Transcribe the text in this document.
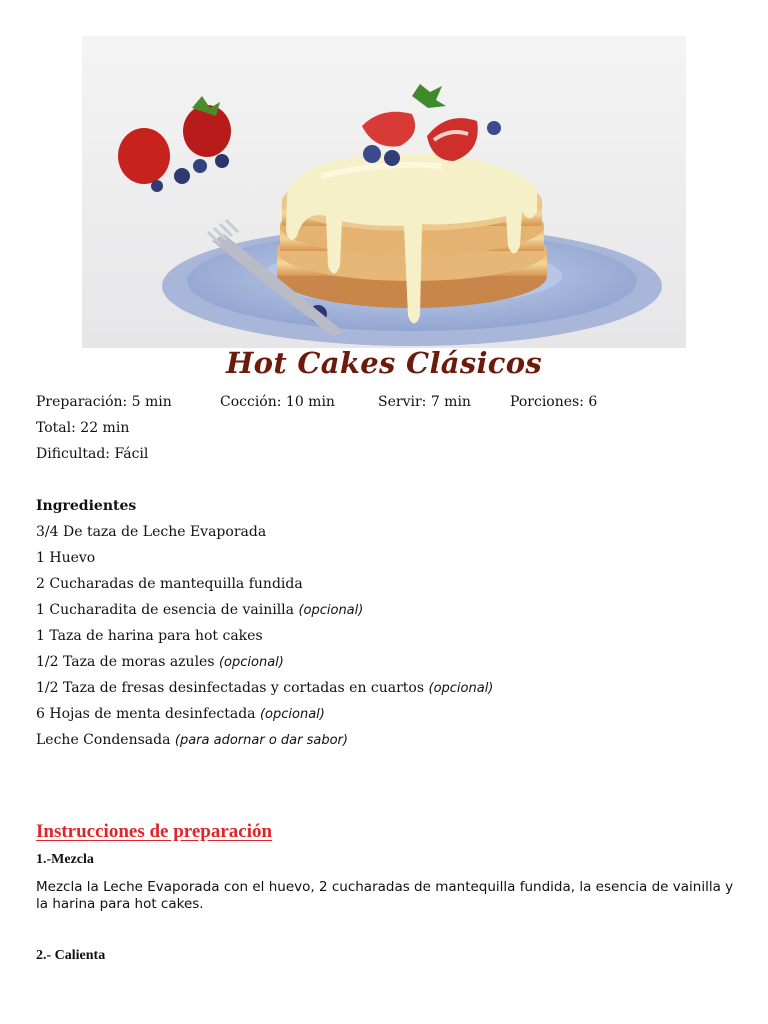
Hot Cakes Clásicos
Preparación: 5 min	Cocción: 10 min	Servir: 7 min	Porciones: 6

Total: 22 min

Dificultad: Fácil

Ingredientes

3/4 De taza de Leche Evaporada

1 Huevo

2 Cucharadas de mantequilla fundida

1 Cucharadita de esencia de vainilla (opcional)

1 Taza de harina para hot cakes

1/2 Taza de moras azules (opcional)

1/2 Taza de fresas desinfectadas y cortadas en cuartos (opcional)

6 Hojas de menta desinfectada (opcional)

Leche Condensada (para adornar o dar sabor)

Instrucciones de preparación

1.-Mezcla

Mezcla la Leche Evaporada con el huevo, 2 cucharadas de mantequilla fundida, la esencia de vainilla y la harina para hot cakes.

2.- Calienta
